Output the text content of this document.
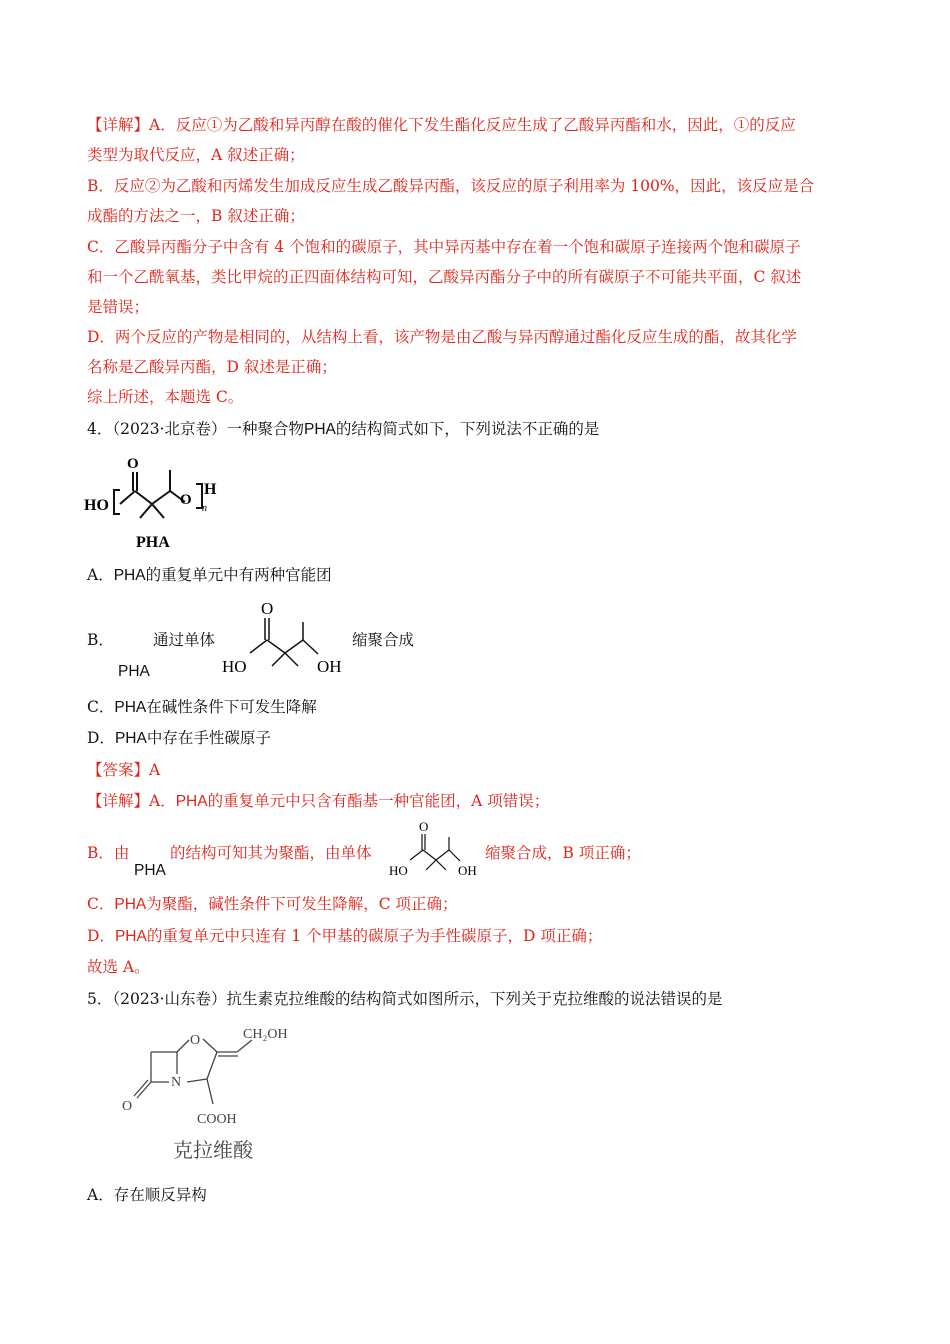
【详解】A．反应①为乙酸和异丙醇在酸的催化下发生酯化反应生成了乙酸异丙酯和水，因此，①的反应
类型为取代反应，A 叙述正确；
B．反应②为乙酸和丙烯发生加成反应生成乙酸异丙酯，该反应的原子利用率为 100%，因此，该反应是合
成酯的方法之一，B 叙述正确；
C．乙酸异丙酯分子中含有 4 个饱和的碳原子，其中异丙基中存在着一个饱和碳原子连接两个饱和碳原子
和一个乙酰氧基，类比甲烷的正四面体结构可知，乙酸异丙酯分子中的所有碳原子不可能共平面，C 叙述
是错误；
D．两个反应的产物是相同的，从结构上看，该产物是由乙酸与异丙醇通过酯化反应生成的酯，故其化学
名称是乙酸异丙酯，D 叙述是正确；
综上所述，本题选 C。
4．（2023·北京卷）一种聚合物PHA的结构简式如下，下列说法不正确的是
HO
O
O
H
n
PHA
A．PHA的重复单元中有两种官能团
B．
PHA
通过单体	缩聚合成
O
HO	OH
C．PHA在碱性条件下可发生降解
D．PHA中存在手性碳原子
【答案】A
【详解】A．PHA的重复单元中只含有酯基一种官能团，A 项错误；
B．由
PHA
的结构可知其为聚酯，由单体	缩聚合成，B 项正确；
O
HO	OH
C．PHA为聚酯，碱性条件下可发生降解，C 项正确；
D．PHA的重复单元中只连有 1 个甲基的碳原子为手性碳原子，D 项正确；
故选 A。
5．（2023·山东卷）抗生素克拉维酸的结构简式如图所示，下列关于克拉维酸的说法错误的是
O
N
O
CH₂OH
COOH
克拉维酸
A．存在顺反异构
